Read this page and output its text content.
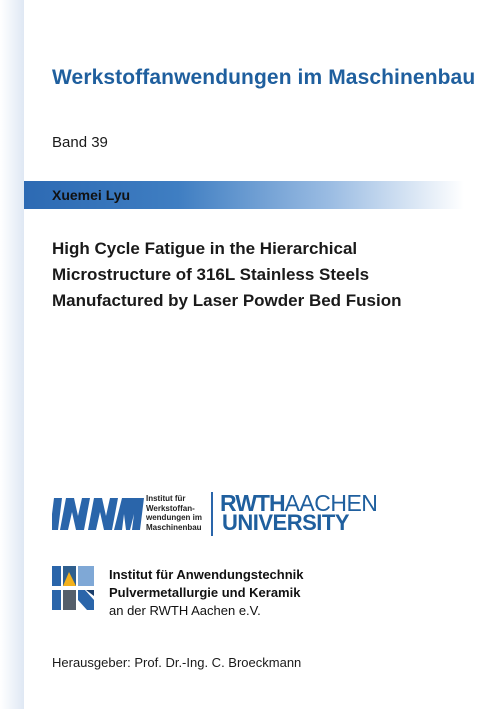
Werkstoffanwendungen im Maschinenbau
Band 39
Xuemei Lyu
High Cycle Fatigue in the Hierarchical
Microstructure of 316L Stainless Steels
Manufactured by Laser Powder Bed Fusion
Institut für
Werkstoffan-
wendungen im
Maschinenbau
RWTHAACHEN
UNIVERSITY
Institut für Anwendungstechnik
Pulvermetallurgie und Keramik
an der RWTH Aachen e.V.
Herausgeber: Prof. Dr.-Ing. C. Broeckmann
